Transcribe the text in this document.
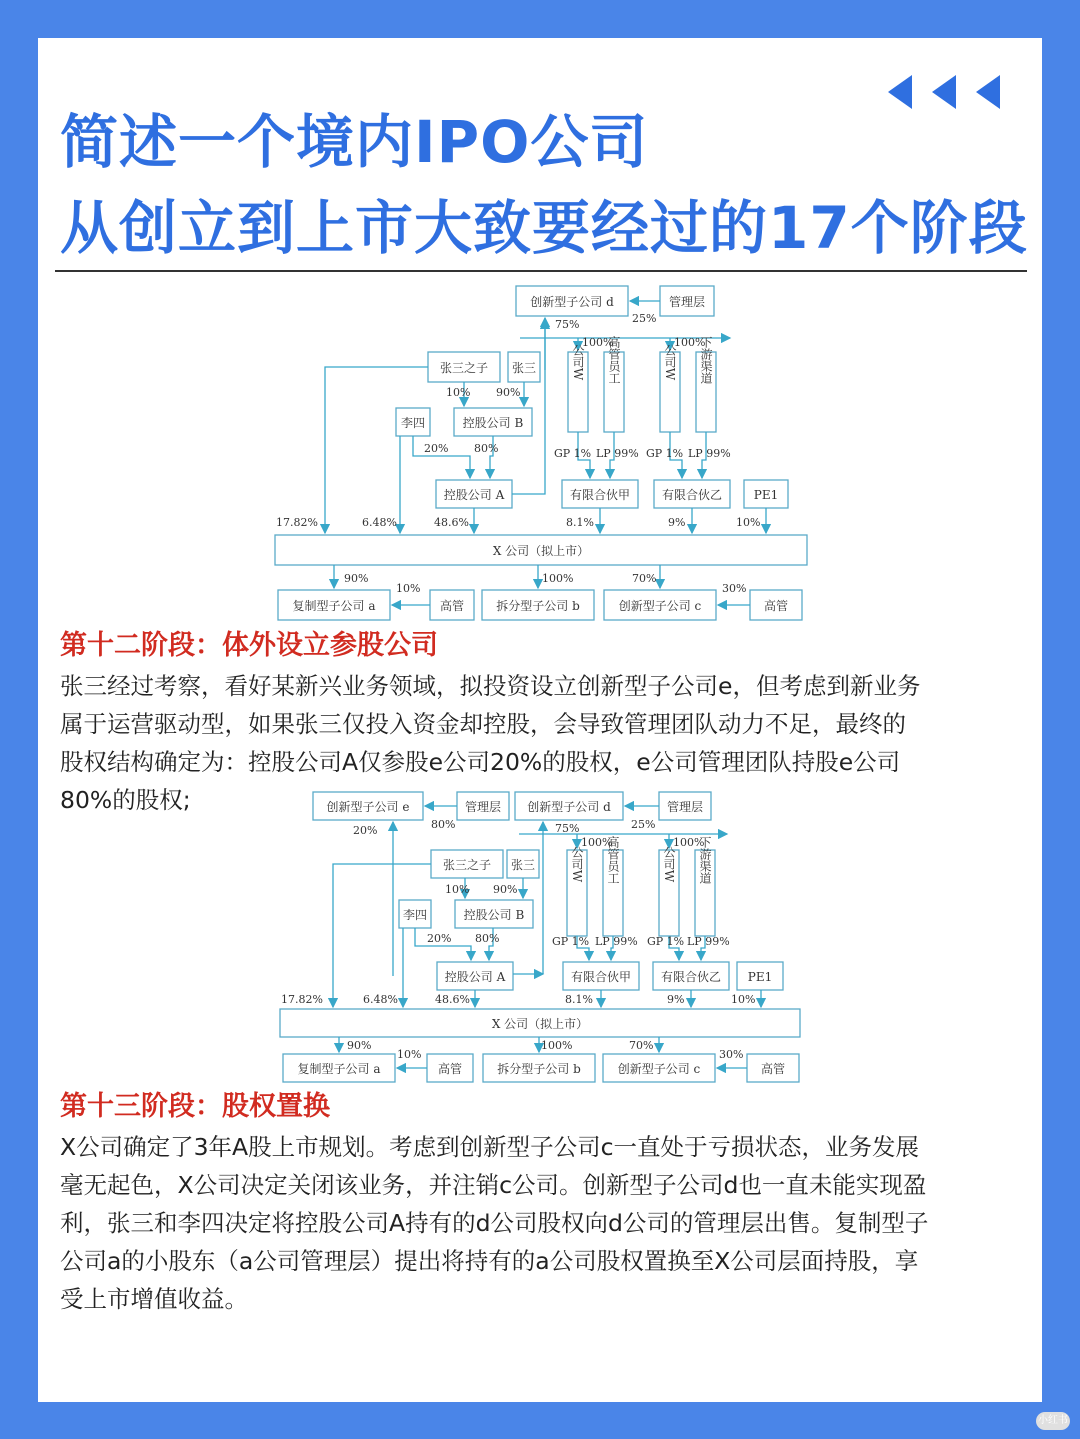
简述一个境内IPO公司
从创立到上市大致要经过的17个阶段
创新型子公司 d	管理层
张三之子 张三	公司W 高管员工	公司W 下游渠道
李四	控股公司 B
控股公司 A	有限合伙甲	有限合伙乙	PE1
X 公司（拟上市）
复制型子公司 a	高管	拆分型子公司 b	创新型子公司 c	高管
75%	25%
100%	100%
10% 90%
20% 80%	GP 1% LP 99% GP 1% LP 99%
17.82%	6.48%	48.6%	8.1%	9%	10%
90%
10%
100%	70%
30%
第十二阶段：体外设立参股公司
张三经过考察，看好某新兴业务领域，拟投资设立创新型子公司e，但考虑到新业务
属于运营驱动型，如果张三仅投入资金却控股，会导致管理团队动力不足，最终的
股权结构确定为：控股公司A仅参股e公司20%的股权，e公司管理团队持股e公司
80%的股权;	创新型子公司 e	管理层 创新型子公司 d	管理层
张三之子 张三	公司W 高管员工	公司W 下游渠道
李四	控股公司 B
控股公司 A	有限合伙甲 有限合伙乙 PE1
X 公司（拟上市）
复制型子公司 a	高管	拆分型子公司 b	创新型子公司 c	高管
20%	80%	75%	25%
100%	100%
10% 90%
20% 80%	GP 1% LP 99% GP 1% LP 99%
17.82%	6.48%	48.6%	8.1%	9%	10%
90%
10%
100%	70%
30%
第十三阶段：股权置换
X公司确定了3年A股上市规划。考虑到创新型子公司c一直处于亏损状态，业务发展
毫无起色，X公司决定关闭该业务，并注销c公司。创新型子公司d也一直未能实现盈
利，张三和李四决定将控股公司A持有的d公司股权向d公司的管理层出售。复制型子
公司a的小股东（a公司管理层）提出将持有的a公司股权置换至X公司层面持股，享
受上市增值收益。
小红书
